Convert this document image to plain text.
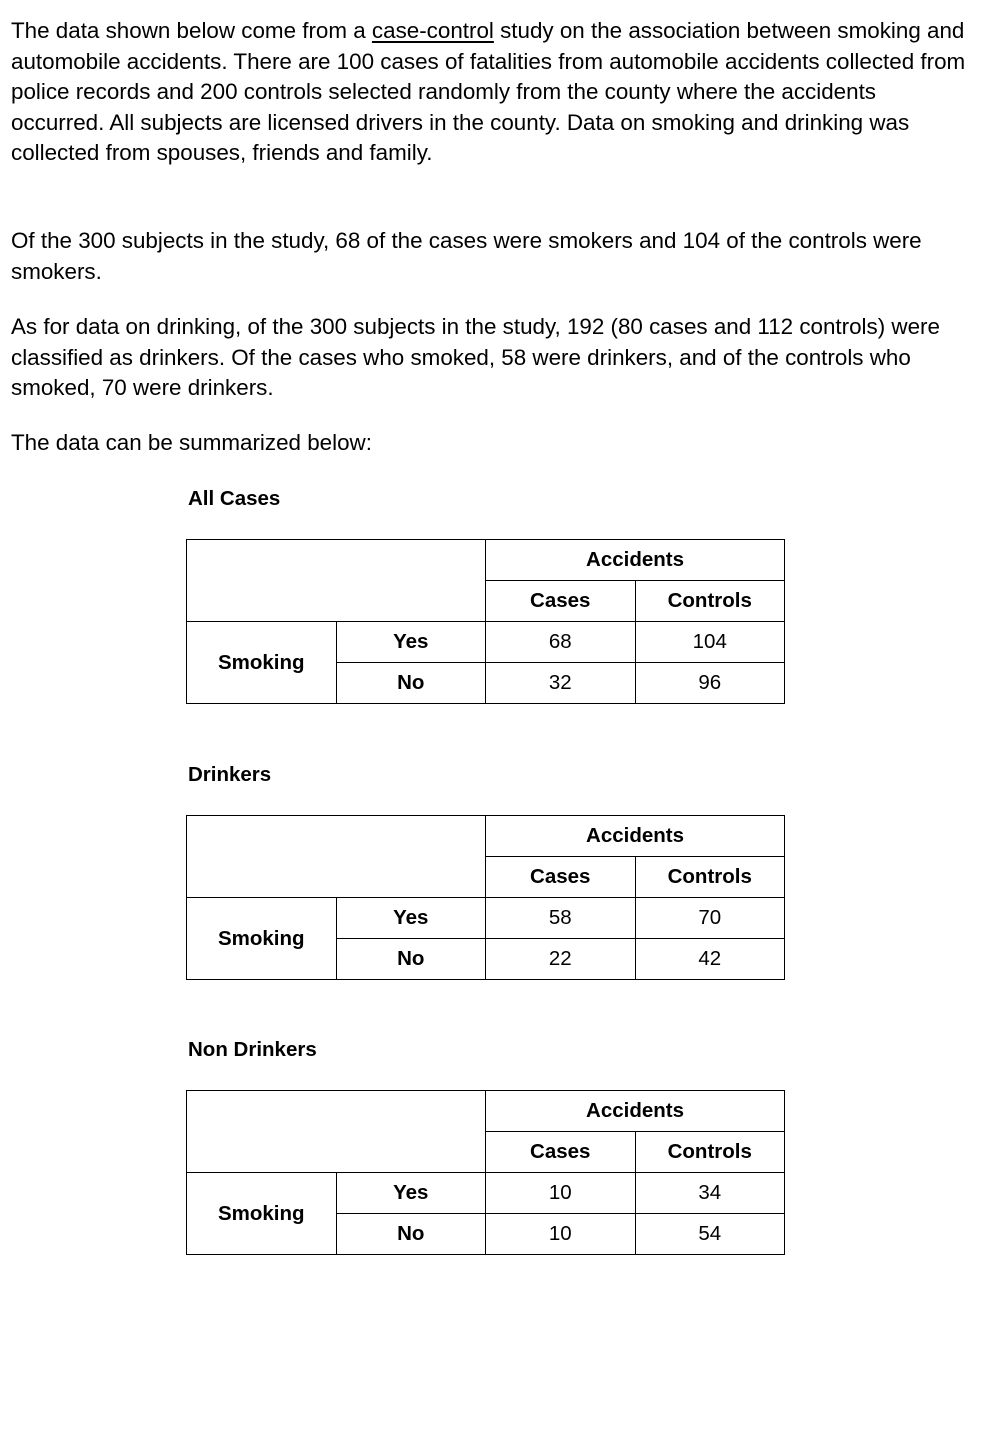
The data shown below come from a case-control study on the association between smoking and automobile accidents. There are 100 cases of fatalities from automobile accidents collected from police records and 200 controls selected randomly from the county where the accidents occurred. All subjects are licensed drivers in the county. Data on smoking and drinking was collected from spouses, friends and family.

Of the 300 subjects in the study, 68 of the cases were smokers and 104 of the controls were smokers.

As for data on drinking, of the 300 subjects in the study, 192 (80 cases and 112 controls) were classified as drinkers. Of the cases who smoked, 58 were drinkers, and of the controls who smoked, 70 were drinkers.

The data can be summarized below:

All Cases
		Accidents	
		Cases	Controls
Smoking	Yes	68	104
	No	32	96
Drinkers
		Accidents	
		Cases	Controls
Smoking	Yes	58	70
	No	22	42
Non Drinkers
		Accidents	
		Cases	Controls
Smoking	Yes	10	34
	No	10	54
